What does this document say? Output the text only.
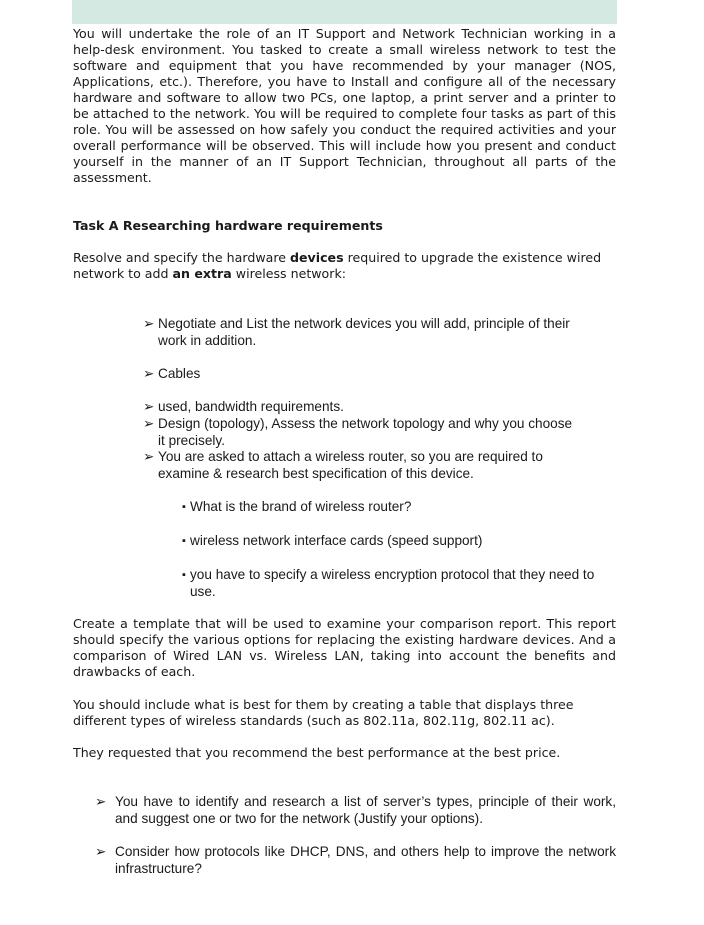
You will undertake the role of an IT Support and Network Technician working in a help-desk environment. You tasked to create a small wireless network to test the software and equipment that you have recommended by your manager (NOS, Applications, etc.). Therefore, you have to Install and configure all of the necessary hardware and software to allow two PCs, one laptop, a print server and a printer to be attached to the network. You will be required to complete four tasks as part of this role. You will be assessed on how safely you conduct the required activities and your overall performance will be observed. This will include how you present and conduct yourself in the manner of an IT Support Technician, throughout all parts of the assessment.
Task A Researching hardware requirements
Resolve and specify the hardware devices required to upgrade the existence wired network to add an extra wireless network:
➢ Negotiate and List the network devices you will add, principle of their work in addition.
➢ Cables
➢ used, bandwidth requirements.
➢ Design (topology), Assess the network topology and why you choose it precisely.
➢ You are asked to attach a wireless router, so you are required to examine & research best specification of this device.
▪ What is the brand of wireless router?
▪ wireless network interface cards (speed support)
▪ you have to specify a wireless encryption protocol that they need to use.
Create a template that will be used to examine your comparison report. This report should specify the various options for replacing the existing hardware devices. And a comparison of Wired LAN vs. Wireless LAN, taking into account the benefits and drawbacks of each.
You should include what is best for them by creating a table that displays three different types of wireless standards (such as 802.11a, 802.11g, 802.11 ac).
They requested that you recommend the best performance at the best price.
➢ You have to identify and research a list of server’s types, principle of their work, and suggest one or two for the network (Justify your options).
➢ Consider how protocols like DHCP, DNS, and others help to improve the network infrastructure?
